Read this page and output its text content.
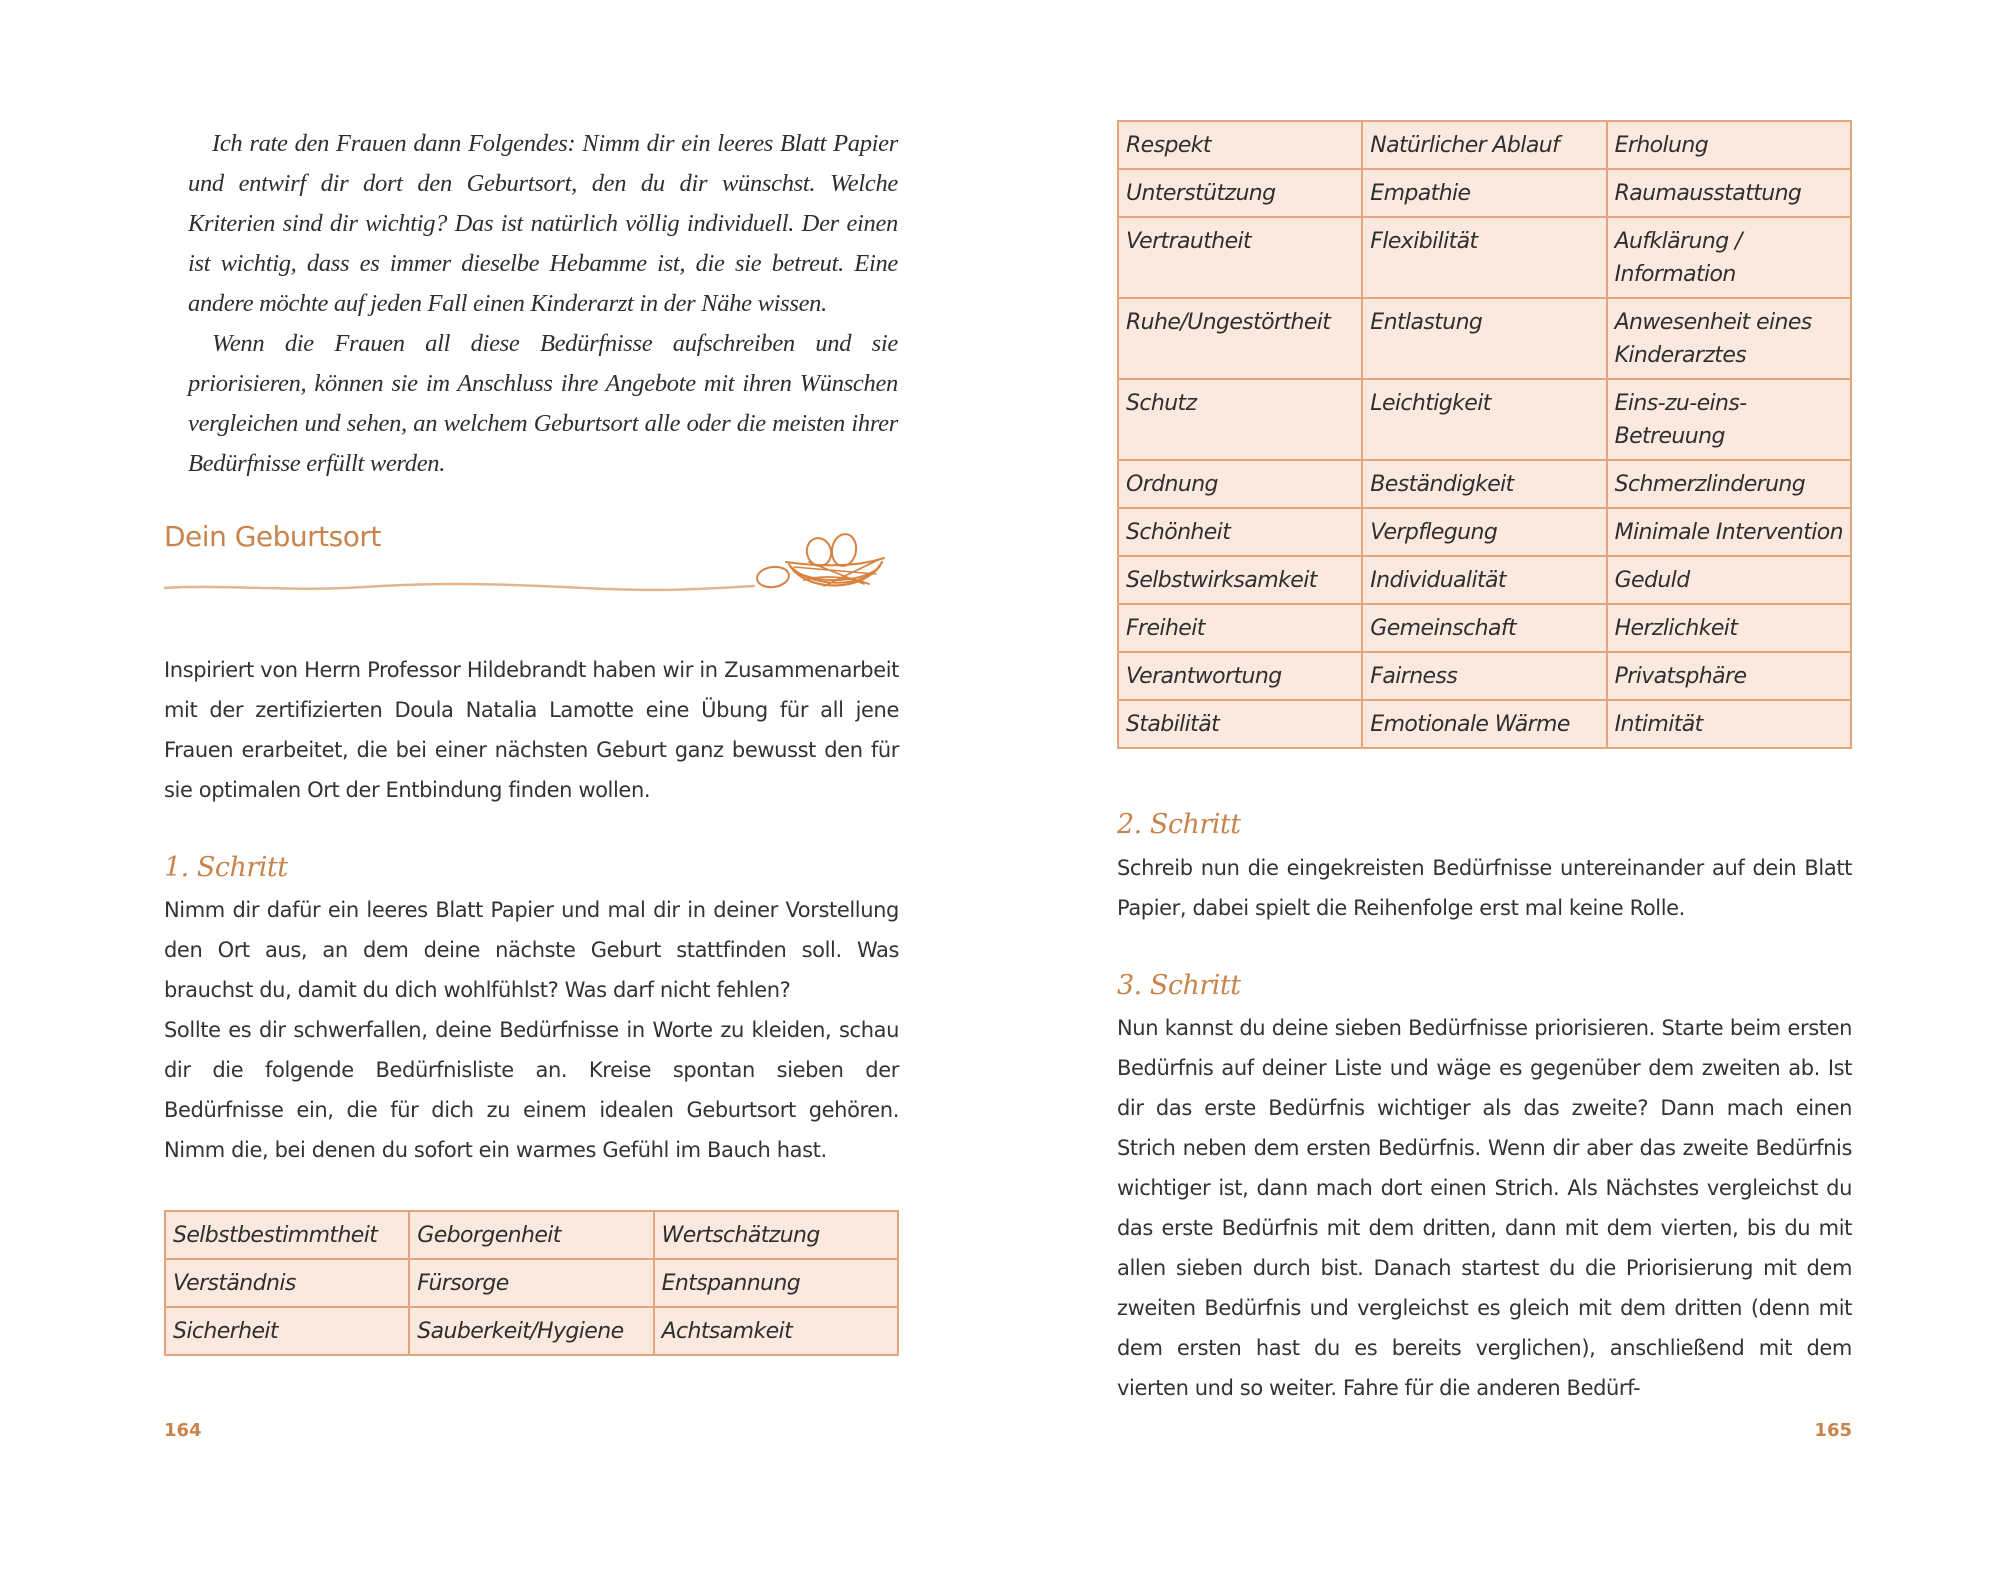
Ich rate den Frauen dann Folgendes: Nimm dir ein leeres Blatt Papier und entwirf dir dort den Geburtsort, den du dir wünschst. Welche Kriterien sind dir wichtig? Das ist natürlich völlig individuell. Der einen ist wichtig, dass es immer dieselbe Hebamme ist, die sie betreut. Eine andere möchte auf jeden Fall einen Kinderarzt in der Nähe wissen.

Wenn die Frauen all diese Bedürfnisse aufschreiben und sie priorisieren, können sie im Anschluss ihre Angebote mit ihren Wünschen vergleichen und sehen, an welchem Geburtsort alle oder die meisten ihrer Bedürfnisse erfüllt werden.

Dein Geburtsort

Inspiriert von Herrn Professor Hildebrandt haben wir in Zusammenarbeit mit der zertifizierten Doula Natalia Lamotte eine Übung für all jene Frauen erarbeitet, die bei einer nächsten Geburt ganz bewusst den für sie optimalen Ort der Entbindung finden wollen.

1. Schritt

Nimm dir dafür ein leeres Blatt Papier und mal dir in deiner Vorstellung den Ort aus, an dem deine nächste Geburt stattfinden soll. Was brauchst du, damit du dich wohlfühlst? Was darf nicht fehlen?

Sollte es dir schwerfallen, deine Bedürfnisse in Worte zu kleiden, schau dir die folgende Bedürfnisliste an. Kreise spontan sieben der Bedürfnisse ein, die für dich zu einem idealen Geburtsort gehören. Nimm die, bei denen du sofort ein warmes Gefühl im Bauch hast.

Selbstbestimmtheit	Geborgenheit	Wertschätzung
Verständnis	Fürsorge	Entspannung
Sicherheit	Sauberkeit/Hygiene	Achtsamkeit
164
Respekt	Natürlicher Ablauf	Erholung
Unterstützung	Empathie	Raumausstattung
Vertrautheit	Flexibilität	Aufklärung / Information
Ruhe/Ungestörtheit	Entlastung	Anwesenheit eines Kinderarztes
Schutz	Leichtigkeit	Eins-zu-eins-Betreuung
Ordnung	Beständigkeit	Schmerzlinderung
Schönheit	Verpflegung	Minimale Intervention
Selbstwirksamkeit	Individualität	Geduld
Freiheit	Gemeinschaft	Herzlichkeit
Verantwortung	Fairness	Privatsphäre
Stabilität	Emotionale Wärme	Intimität
2. Schritt

Schreib nun die eingekreisten Bedürfnisse untereinander auf dein Blatt Papier, dabei spielt die Reihenfolge erst mal keine Rolle.

3. Schritt

Nun kannst du deine sieben Bedürfnisse priorisieren. Starte beim ersten Bedürfnis auf deiner Liste und wäge es gegenüber dem zweiten ab. Ist dir das erste Bedürfnis wichtiger als das zweite? Dann mach einen Strich neben dem ersten Bedürfnis. Wenn dir aber das zweite Bedürfnis wichtiger ist, dann mach dort einen Strich. Als Nächstes vergleichst du das erste Bedürfnis mit dem dritten, dann mit dem vierten, bis du mit allen sieben durch bist. Danach startest du die Priorisierung mit dem zweiten Bedürfnis und vergleichst es gleich mit dem dritten (denn mit dem ersten hast du es bereits verglichen), anschließend mit dem vierten und so weiter. Fahre für die anderen Bedürf-

165
